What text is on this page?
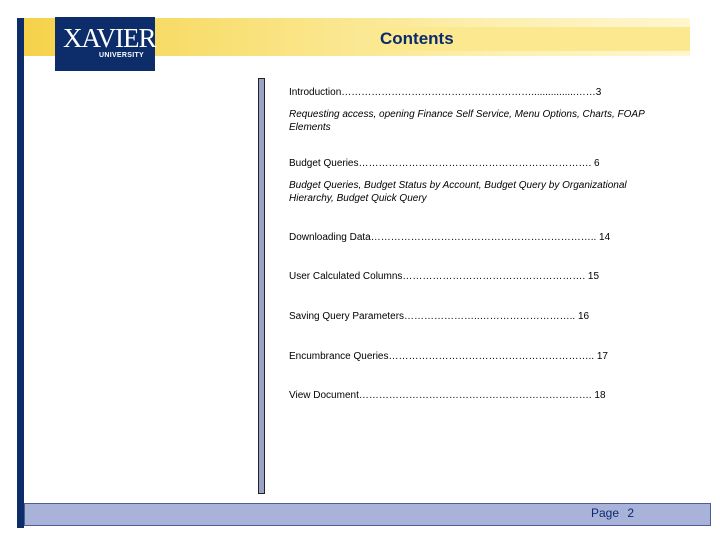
Contents
XAVIER
UNIVERSITY
Introduction…………………………………………………................……3
Requesting access, opening Finance Self Service, Menu Options, Charts, FOAP Elements
Budget Queries……………………………………………………………. 6
Budget Queries, Budget Status by Account, Budget Query by Organizational Hierarchy, Budget Quick Query
Downloading Data………………………………………………………….. 14
User Calculated Columns………………………………………………. 15
Saving Query Parameters…………………..……………………….. 16
Encumbrance Queries…………………………………………………….. 17
View Document……………………………………………………………. 18
Page 2
